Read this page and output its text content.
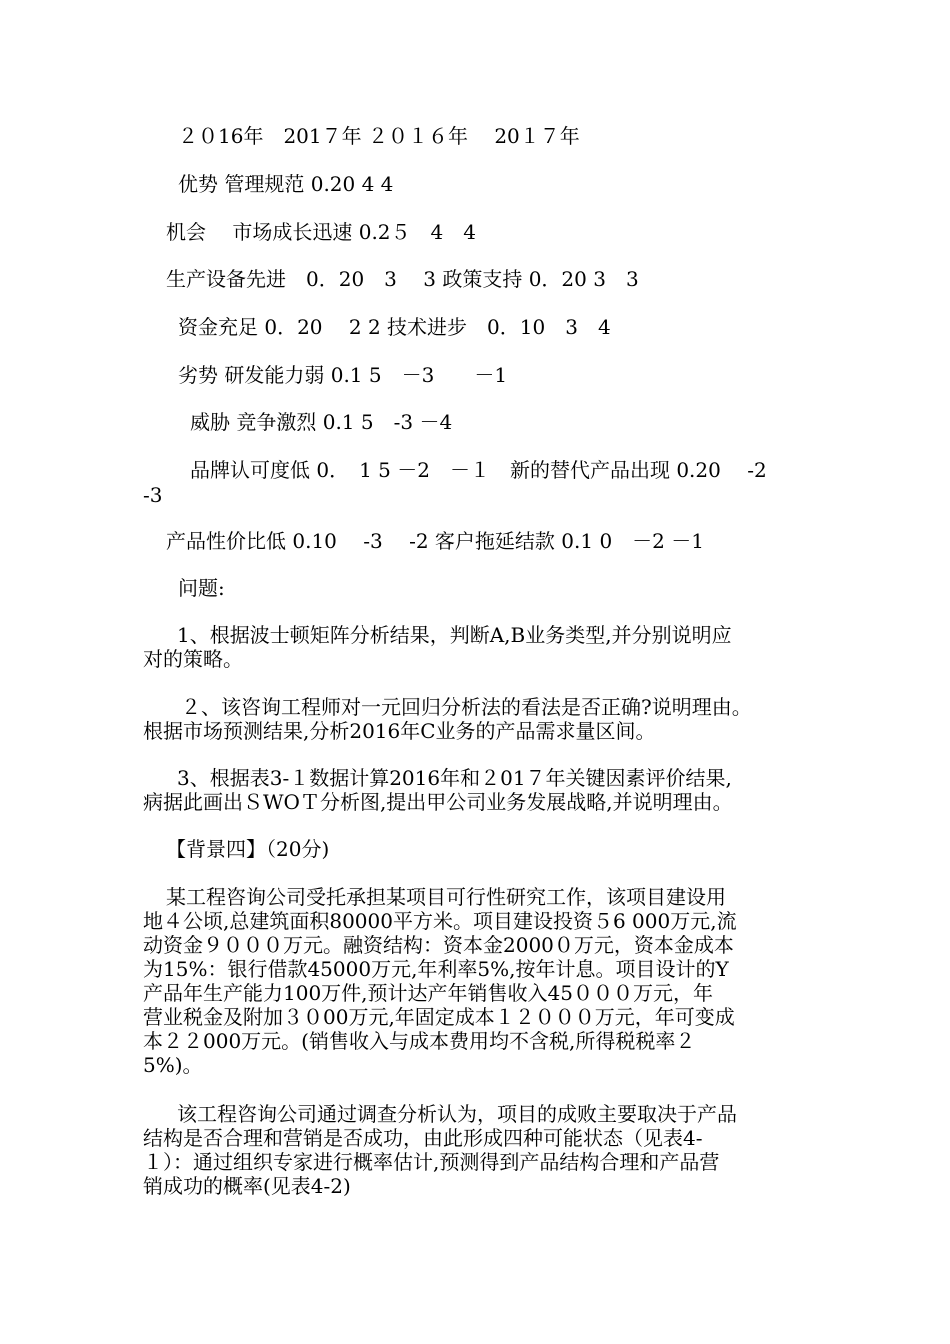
２０16年　201７年 ２０１６年　 20１７年
优势 管理规范 0.20 4 4
机会　 市场成长迅速 0.2５　4　4
生产设备先进　0．20　3　 3 政策支持 0．20 3　3
资金充足 0．20　 2 2 技术进步　0．10　3　4
劣势 研发能力弱 0.1 5　－3　　－1
威胁 竞争激烈 0.1 5　-3 －4
品牌认可度低 0．　1 5 －2　－１　新的替代产品出现 0.20　 -2
-3
产品性价比低 0.10 　-3 　-2 客户拖延结款 0.1 0　－2 －1
问题:
1、根据波士顿矩阵分析结果，判断A,B业务类型,并分别说明应
对的策略。
２、该咨询工程师对一元回归分析法的看法是否正确?说明理由。
根据市场预测结果,分析2016年C业务的产品需求量区间。
3、根据表3-１数据计算2016年和２01７年关键因素评价结果,
病据此画出ＳWOＴ分析图,提出甲公司业务发展战略,并说明理由。
【背景四】（20分)
某工程咨询公司受托承担某项目可行性研究工作，该项目建设用
地４公顷,总建筑面积80000平方米。项目建设投资５6 000万元,流
动资金９０００万元。融资结构：资本金2000０万元，资本金成本
为15%：银行借款45000万元,年利率5%,按年计息。项目设计的Y
产品年生产能力100万件,预计达产年销售收入45０００万元，年
营业税金及附加３０00万元,年固定成本１２０００万元，年可变成
本２２000万元。(销售收入与成本费用均不含税,所得税税率２
5%)。
该工程咨询公司通过调查分析认为，项目的成败主要取决于产品
结构是否合理和营销是否成功，由此形成四种可能状态（见表4-
１）：通过组织专家进行概率估计,预测得到产品结构合理和产品营
销成功的概率(见表4-2)
